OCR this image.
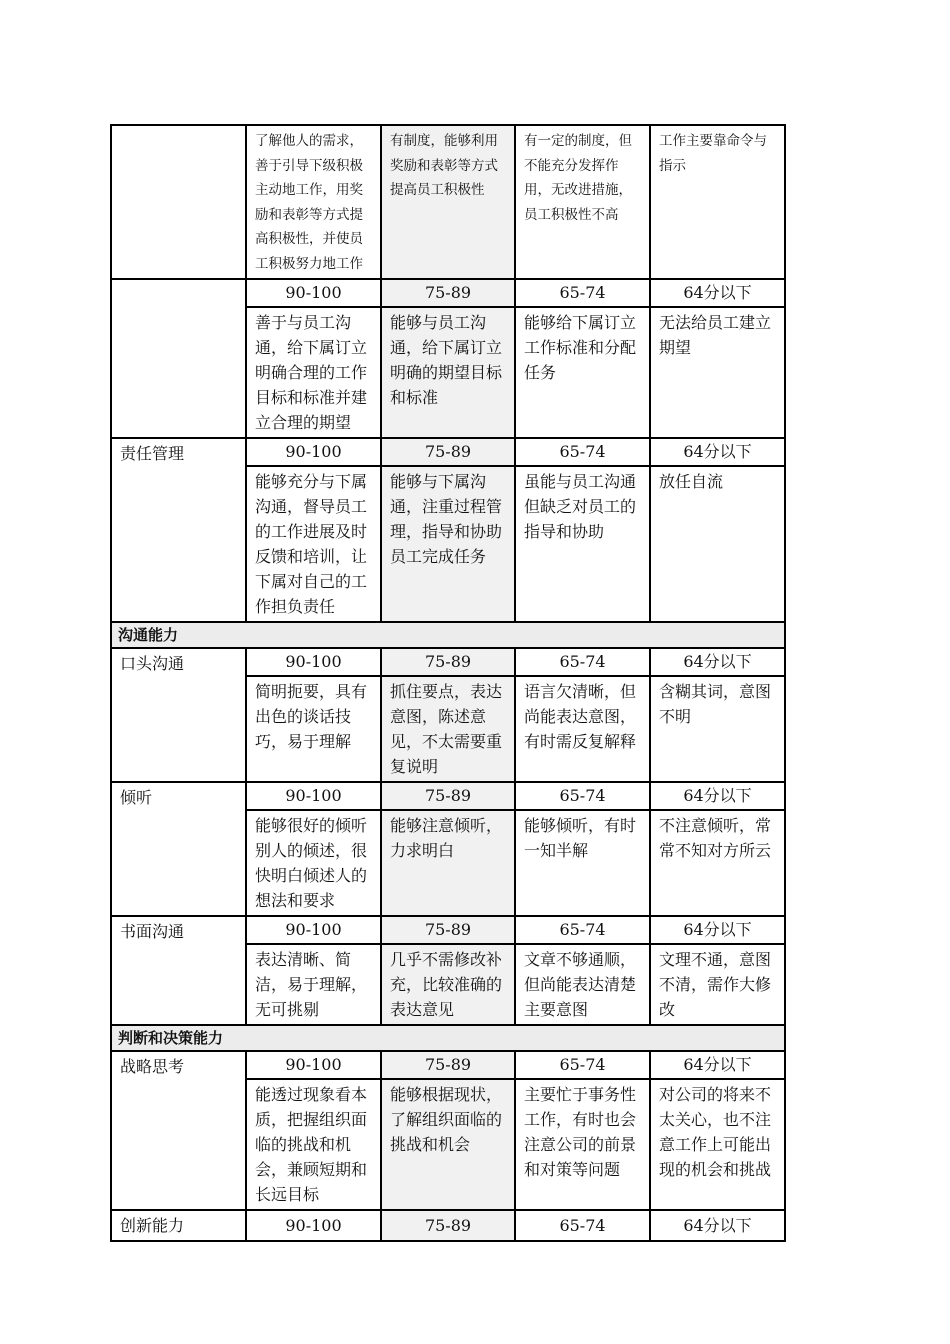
	了解他人的需求，善于引导下级积极主动地工作，用奖励和表彰等方式提高积极性，并使员工积极努力地工作	有制度，能够利用奖励和表彰等方式提高员工积极性	有一定的制度，但不能充分发挥作用，无改进措施，员工积极性不高	工作主要靠命令与指示
	90-100	75-89	65-74	64分以下
	善于与员工沟通，给下属订立明确合理的工作目标和标准并建立合理的期望	能够与员工沟通，给下属订立明确的期望目标和标准	能够给下属订立工作标准和分配任务	无法给员工建立期望
责任管理	90-100	75-89	65-74	64分以下
	能够充分与下属沟通，督导员工的工作进展及时反馈和培训，让下属对自己的工作担负责任	能够与下属沟通，注重过程管理，指导和协助员工完成任务	虽能与员工沟通但缺乏对员工的指导和协助	放任自流
沟通能力				
口头沟通	90-100	75-89	65-74	64分以下
	简明扼要，具有出色的谈话技巧，易于理解	抓住要点，表达意图，陈述意见，不太需要重复说明	语言欠清晰，但尚能表达意图，有时需反复解释	含糊其词，意图不明
倾听	90-100	75-89	65-74	64分以下
	能够很好的倾听别人的倾述，很快明白倾述人的想法和要求	能够注意倾听，力求明白	能够倾听，有时一知半解	不注意倾听，常常不知对方所云
书面沟通	90-100	75-89	65-74	64分以下
	表达清晰、简洁，易于理解，无可挑剔	几乎不需修改补充，比较准确的表达意见	文章不够通顺，但尚能表达清楚主要意图	文理不通，意图不清，需作大修改
判断和决策能力				
战略思考	90-100	75-89	65-74	64分以下
	能透过现象看本质，把握组织面临的挑战和机会，兼顾短期和长远目标	能够根据现状，了解组织面临的挑战和机会	主要忙于事务性工作，有时也会注意公司的前景和对策等问题	对公司的将来不太关心，也不注意工作上可能出现的机会和挑战
创新能力	90-100	75-89	65-74	64分以下
